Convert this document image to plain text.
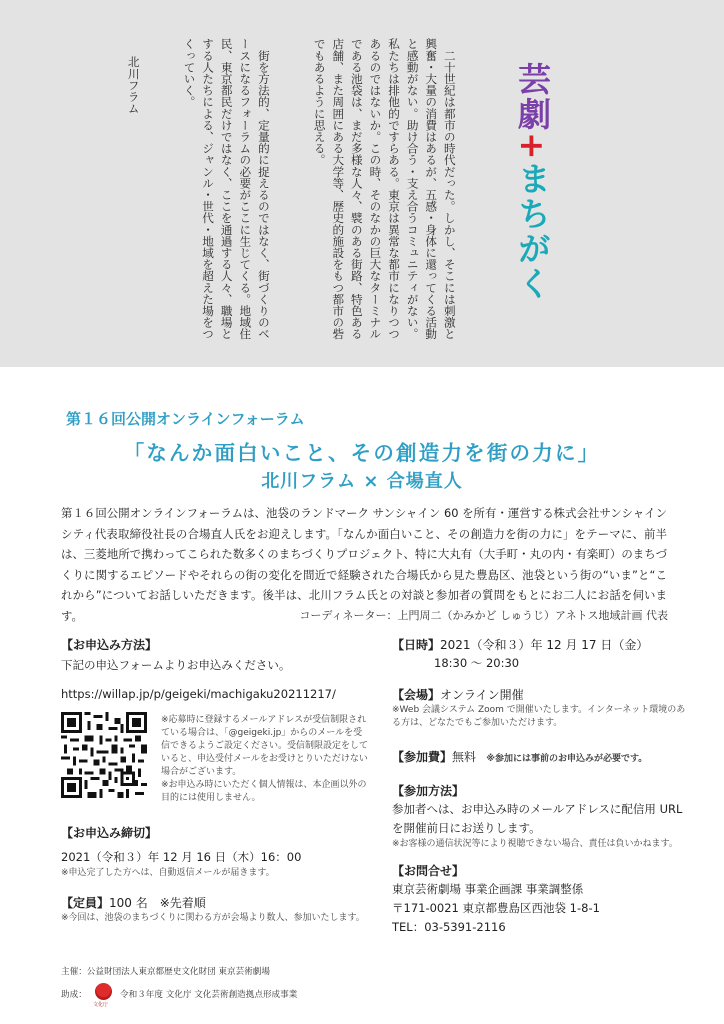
　二十世紀は都市の時代だった。しかし、そこには刺激と興奮・大量の消費はあるが、五感・身体に還ってくる活動と感動がない。助け合う・支え合うコミュニティがない。私たちは排他的ですらある。東京は異常な都市になりつつあるのではないか。この時、そのなかの巨大なターミナルである池袋は、まだ多様な人々、襞のある街路、特色ある店舗、また周囲にある大学等、歴史的施設をもつ都市の砦でもあるように思える。

　街を方法的、定量的に捉えるのではなく、街づくりのベースになるフォーラムの必要がここに生じてくる。地域住民、東京都民だけではなく、ここを通過する人々、職場とする人たちによる、ジャンル・世代・地域を超えた場をつくっていく。

北川フラム	芸劇+まちがく
第１６回公開オンラインフォーラム
「なんか面白いこと、その創造力を街の力に」
北川フラム × 合場直人

第１６回公開オンラインフォーラムは、池袋のランドマーク サンシャイン 60 を所有・運営する株式会社サンシャインシティ代表取締役社長の合場直人氏をお迎えします。「なんか面白いこと、その創造力を街の力に」をテーマに、前半は、三菱地所で携わってこられた数多くのまちづくりプロジェクト、特に大丸有（大手町・丸の内・有楽町）のまちづくりに関するエピソードやそれらの街の変化を間近で経験された合場氏から見た豊島区、池袋という街の“いま”と“これから”についてお話しいただきます。後半は、北川フラム氏との対談と参加者の質問をもとにお二人にお話を伺います。	コーディネーター：上門周二（かみかど しゅうじ）アネトス地域計画 代表

【お申込み方法】

下記の申込フォームよりお申込みください。

https://willap.jp/p/geigeki/machigaku20211217/

※応募時に登録するメールアドレスが受信制限されている場合は、「@geigeki.jp」からのメールを受信できるようご設定ください。受信制限設定をしていると、申込受付メールをお受けとりいただけない場合がございます。

※お申込み時にいただく個人情報は、本企画以外の目的には使用しません。

【お申込み締切】

2021（令和３）年 12 月 16 日（木）16：00

※申込完了した方へは、自動返信メールが届きます。

【定員】100 名　※先着順

※今回は、池袋のまちづくりに関わる方が会場より数人、参加いたします。

【日時】2021（令和３）年 12 月 17 日（金）

18:30 ～ 20:30

【会場】オンライン開催

※Web 会議システム Zoom で開催いたします。インターネット環境のある方は、どなたでもご参加いただけます。

【参加費】無料 ※参加には事前のお申込みが必要です。

【参加方法】

参加者へは、お申込み時のメールアドレスに配信用 URL を開催前日にお送りします。

※お客様の通信状況等により視聴できない場合、責任は負いかねます。

【お問合せ】

東京芸術劇場 事業企画課 事業調整係

〒171-0021 東京都豊島区西池袋 1-8-1

TEL：03-5391-2116

主催：公益財団法人東京都歴史文化財団 東京芸術劇場
助成：
文化庁
令和３年度 文化庁 文化芸術創造拠点形成事業
